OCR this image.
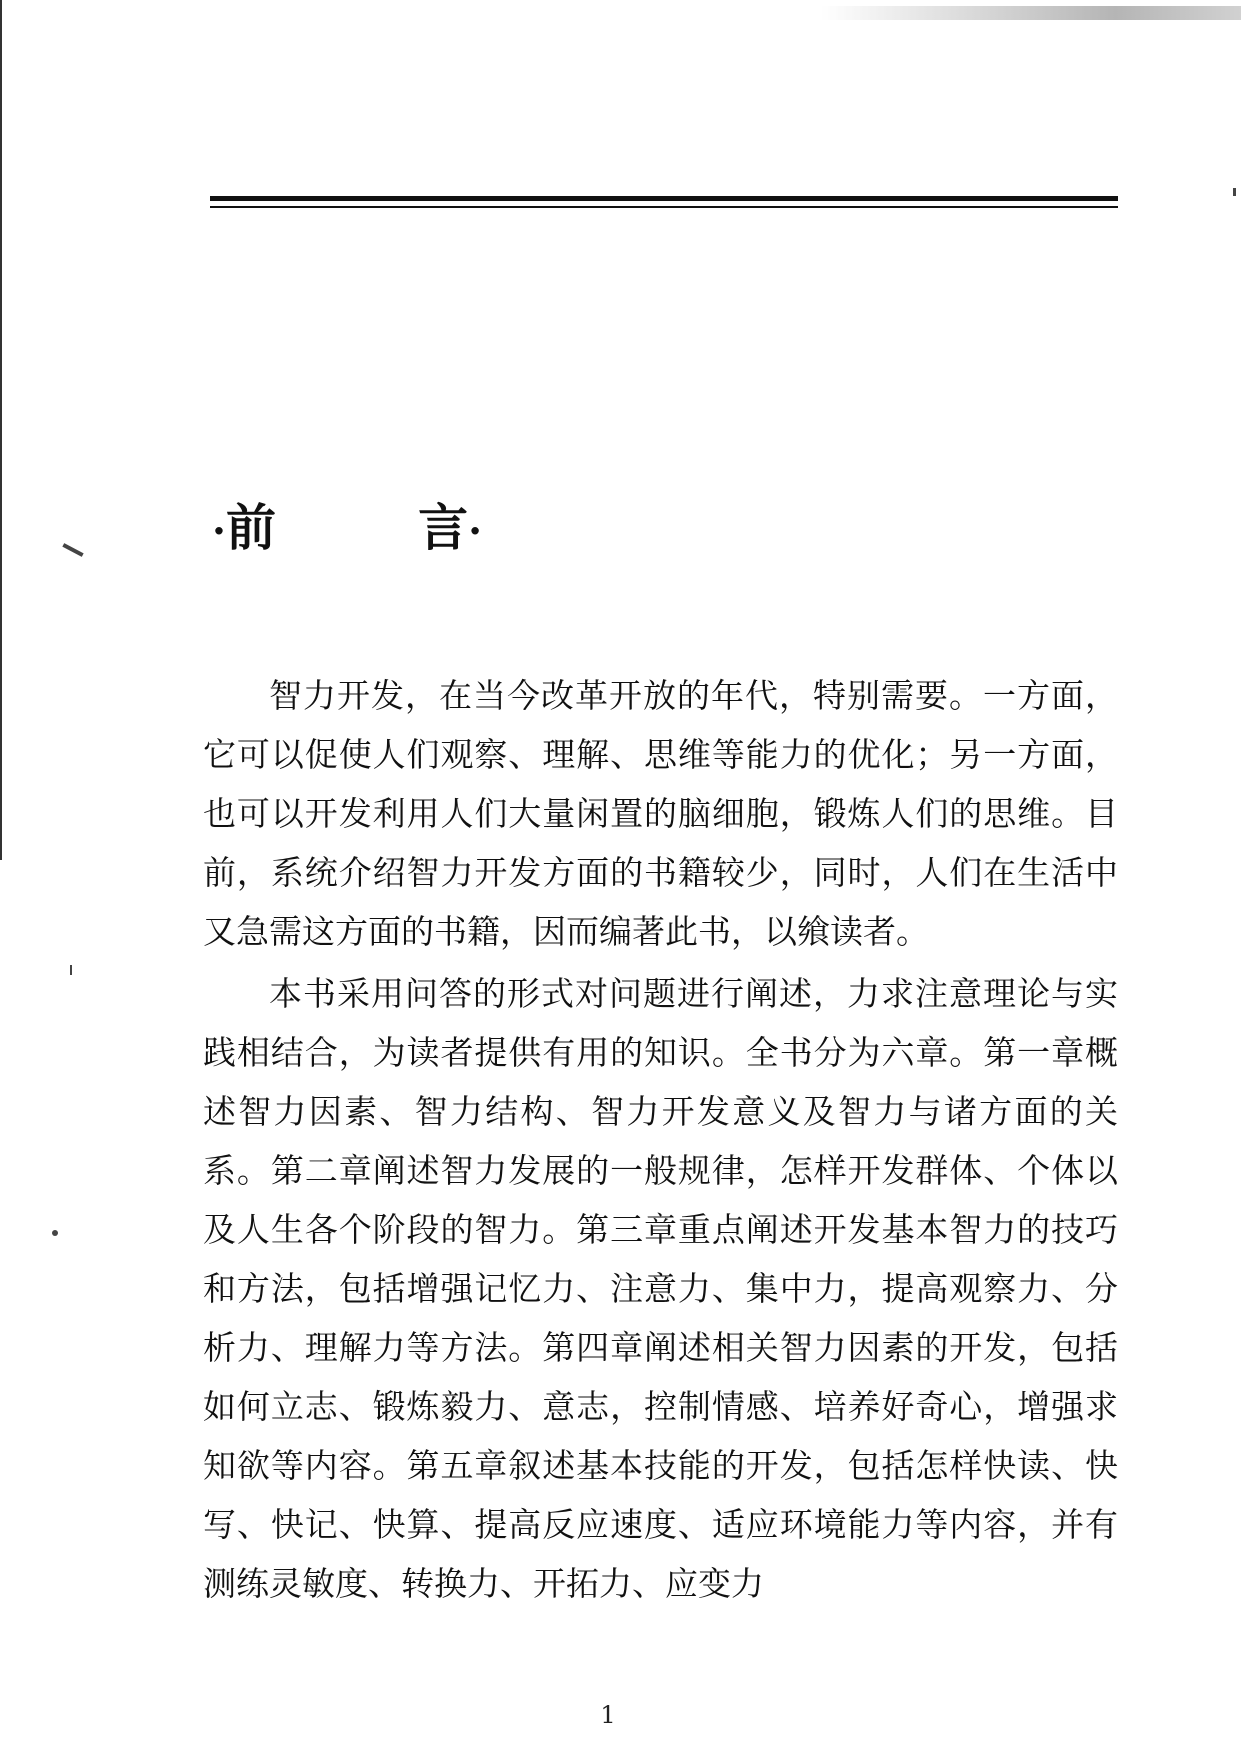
·前	言·

智力开发，在当今改革开放的年代，特别需要。一方面，它可以促使人们观察、理解、思维等能力的优化；另一方面，也可以开发利用人们大量闲置的脑细胞，锻炼人们的思维。目前，系统介绍智力开发方面的书籍较少，同时，人们在生活中又急需这方面的书籍，因而编著此书，以飨读者。

本书采用问答的形式对问题进行阐述，力求注意理论与实践相结合，为读者提供有用的知识。全书分为六章。第一章概述智力因素、智力结构、智力开发意义及智力与诸方面的关系。第二章阐述智力发展的一般规律，怎样开发群体、个体以及人生各个阶段的智力。第三章重点阐述开发基本智力的技巧和方法，包括增强记忆力、注意力、集中力，提高观察力、分析力、理解力等方法。第四章阐述相关智力因素的开发，包括如何立志、锻炼毅力、意志，控制情感、培养好奇心，增强求知欲等内容。第五章叙述基本技能的开发，包括怎样快读、快写、快记、快算、提高反应速度、适应环境能力等内容，并有测练灵敏度、转换力、开拓力、应变力

1
